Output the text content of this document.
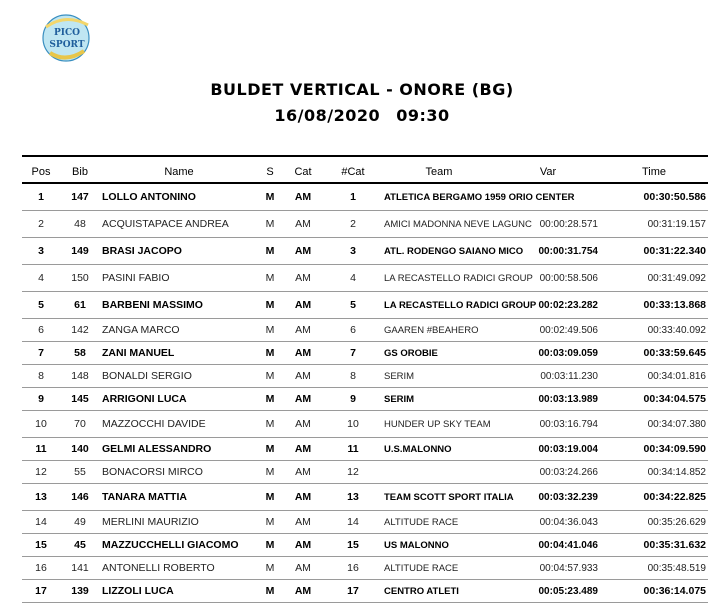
PICO
SPORT
BULDET VERTICAL - ONORE (BG)
16/08/2020 09:30
Pos	Bib	Name	S	Cat	#Cat	Team	Var	Time
1	147	LOLLO ANTONINO	M	AM	1	ATLETICA BERGAMO 1959 ORIO CENTER		00:30:50.586
2	48	ACQUISTAPACE ANDREA	M	AM	2	AMICI MADONNA NEVE LAGUNC	00:00:28.571	00:31:19.157
3	149	BRASI JACOPO	M	AM	3	ATL. RODENGO SAIANO MICO	00:00:31.754	00:31:22.340
4	150	PASINI FABIO	M	AM	4	LA RECASTELLO RADICI GROUP	00:00:58.506	00:31:49.092
5	61	BARBENI MASSIMO	M	AM	5	LA RECASTELLO RADICI GROUP	00:02:23.282	00:33:13.868
6	142	ZANGA MARCO	M	AM	6	GAAREN #BEAHERO	00:02:49.506	00:33:40.092
7	58	ZANI MANUEL	M	AM	7	GS OROBIE	00:03:09.059	00:33:59.645
8	148	BONALDI SERGIO	M	AM	8	SERIM	00:03:11.230	00:34:01.816
9	145	ARRIGONI LUCA	M	AM	9	SERIM	00:03:13.989	00:34:04.575
10	70	MAZZOCCHI DAVIDE	M	AM	10	HUNDER UP SKY TEAM	00:03:16.794	00:34:07.380
11	140	GELMI ALESSANDRO	M	AM	11	U.S.MALONNO	00:03:19.004	00:34:09.590
12	55	BONACORSI MIRCO	M	AM	12		00:03:24.266	00:34:14.852
13	146	TANARA MATTIA	M	AM	13	TEAM SCOTT SPORT ITALIA	00:03:32.239	00:34:22.825
14	49	MERLINI MAURIZIO	M	AM	14	ALTITUDE RACE	00:04:36.043	00:35:26.629
15	45	MAZZUCCHELLI GIACOMO	M	AM	15	US MALONNO	00:04:41.046	00:35:31.632
16	141	ANTONELLI ROBERTO	M	AM	16	ALTITUDE RACE	00:04:57.933	00:35:48.519
17	139	LIZZOLI LUCA	M	AM	17	CENTRO ATLETI	00:05:23.489	00:36:14.075
